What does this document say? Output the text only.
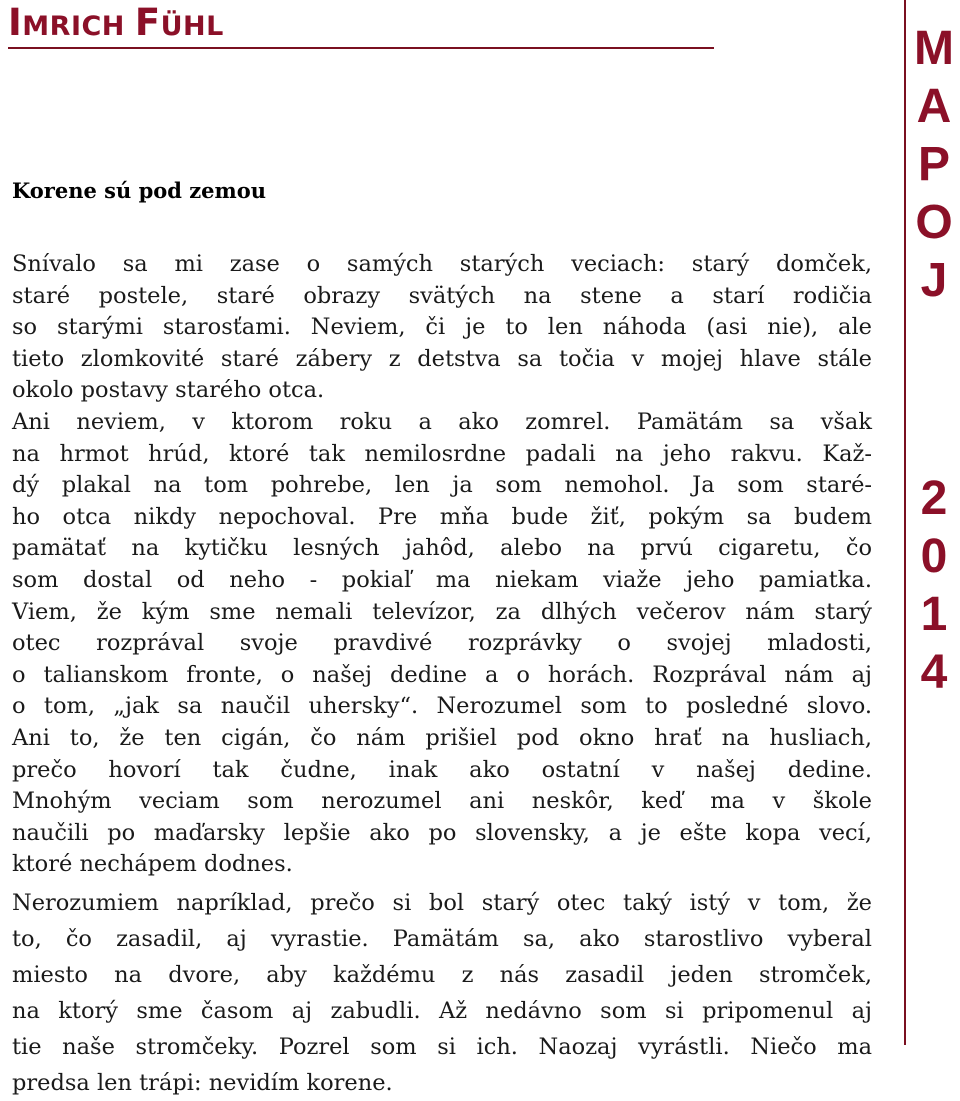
IMRICH FÜHL
Korene sú pod zemou
Snívalo sa mi zase o samých starých veciach: starý domček,
staré postele, staré obrazy svätých na stene a starí rodičia
so starými starosťami. Neviem, či je to len náhoda (asi nie), ale
tieto zlomkovité staré zábery z detstva sa točia v mojej hlave stále
okolo postavy starého otca.
Ani neviem, v ktorom roku a ako zomrel. Pamätám sa však
na hrmot hrúd, ktoré tak nemilosrdne padali na jeho rakvu. Kaž-
dý plakal na tom pohrebe, len ja som nemohol. Ja som staré-
ho otca nikdy nepochoval. Pre mňa bude žiť, pokým sa budem
pamätať na kytičku lesných jahôd, alebo na prvú cigaretu, čo
som dostal od neho - pokiaľ ma niekam viaže jeho pamiatka.
Viem, že kým sme nemali televízor, za dlhých večerov nám starý
otec rozprával svoje pravdivé rozprávky o svojej mladosti,
o talianskom fronte, o našej dedine a o horách. Rozprával nám aj
o tom, „jak sa naučil uhersky“. Nerozumel som to posledné slovo.
Ani to, že ten cigán, čo nám prišiel pod okno hrať na husliach,
prečo hovorí tak čudne, inak ako ostatní v našej dedine.
Mnohým veciam som nerozumel ani neskôr, keď ma v škole
naučili po maďarsky lepšie ako po slovensky, a je ešte kopa vecí,
ktoré nechápem dodnes.
Nerozumiem napríklad, prečo si bol starý otec taký istý v tom, že
to, čo zasadil, aj vyrastie. Pamätám sa, ako starostlivo vyberal
miesto na dvore, aby každému z nás zasadil jeden stromček,
na ktorý sme časom aj zabudli. Až nedávno som si pripomenul aj
tie naše stromčeky. Pozrel som si ich. Naozaj vyrástli. Niečo ma
predsa len trápi: nevidím korene.
M
A
P
O
J
2
0
1
4
